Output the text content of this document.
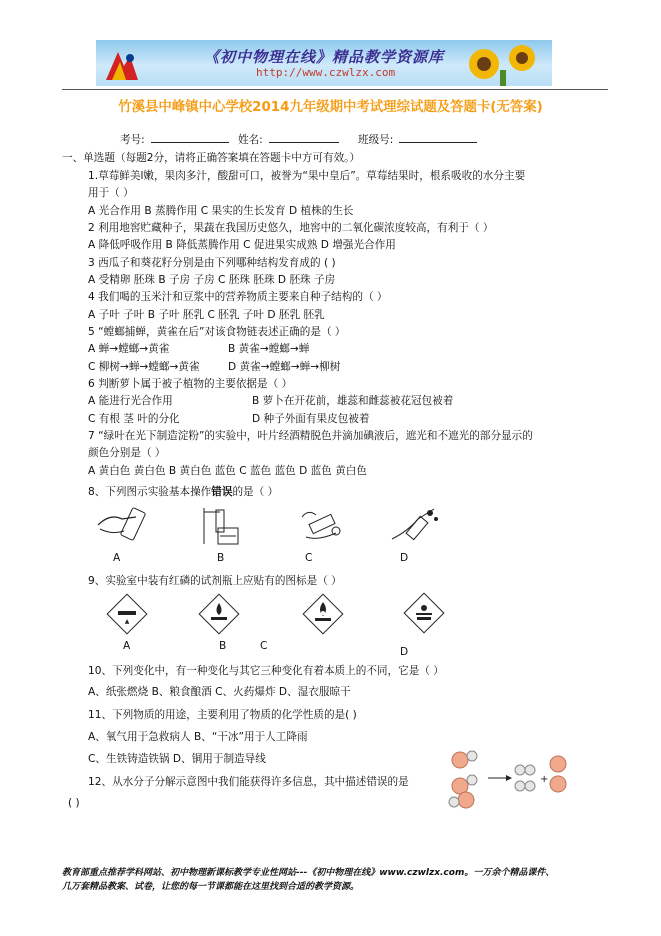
《初中物理在线》精品教学资源库
http://www.czwlzx.com
竹溪县中峰镇中心学校2014九年级期中考试理综试题及答题卡(无答案)
考号:	姓名:	班级号:
一、单选题（每题2分，请将正确答案填在答题卡中方可有效。）
1.草莓鲜美l嫩，果肉多汁，酸甜可口，被誉为“果中皇后”。草莓结果时，根系吸收的水分主要
用于（ ）
A 光合作用 B 蒸腾作用 C 果实的生长发育 D 植株的生长
2 利用地窖贮藏种子，果蔬在我国历史悠久，地窖中的二氧化碳浓度较高，有利于（ ）
A 降低呼吸作用 B 降低蒸腾作用 C 促进果实成熟 D 增强光合作用
3 西瓜子和葵花籽分别是由下列哪种结构发育成的 ( )
A 受精卵 胚珠 B 子房 子房 C 胚珠 胚珠 D 胚珠 子房
4 我们喝的玉米汁和豆浆中的营养物质主要来自种子结构的（ ）
A 子叶 子叶 B 子叶 胚乳 C 胚乳 子叶 D 胚乳 胚乳
5 “螳螂捕蝉，黄雀在后”对该食物链表述正确的是（ ）
A 蝉→螳螂→黄雀	B 黄雀→螳螂→蝉
C 柳树→蝉→螳螂→黄雀	D 黄雀→螳螂→蝉→柳树
6 判断萝卜属于被子植物的主要依据是（ ）
A 能进行光合作用	B 萝卜在开花前，雄蕊和雌蕊被花冠包被着
C 有根 茎 叶的分化	D 种子外面有果皮包被着
7 “绿叶在光下制造淀粉”的实验中，叶片经酒精脱色并滴加碘液后，遮光和不遮光的部分显示的
颜色分别是（ ）
A 黄白色 黄白色 B 黄白色 蓝色 C 蓝色 蓝色 D 蓝色 黄白色
8、下列图示实验基本操作错误的是（ ）
A	B	C	D
9、实验室中装有红磷的试剂瓶上应贴有的图标是（ ）
▲
A	C	D
B
10、下列变化中，有一种变化与其它三种变化有着本质上的不同，它是（ ）
A、纸张燃烧 B、粮食酿酒 C、火药爆炸 D、湿衣服晾干
11、下列物质的用途，主要利用了物质的化学性质的是( )
A、氧气用于急救病人 B、“干冰”用于人工降雨
C、生铁铸造铁锅 D、铜用于制造导线
12、从水分子分解示意图中我们能获得许多信息，其中描述错误的是
( )
+
教育部重点推荐学科网站、初中物理新课标教学专业性网站---《初中物理在线》www.czwlzx.com。一万余个精品课件、
几万套精品教案、试卷，让您的每一节课都能在这里找到合适的教学资源。
